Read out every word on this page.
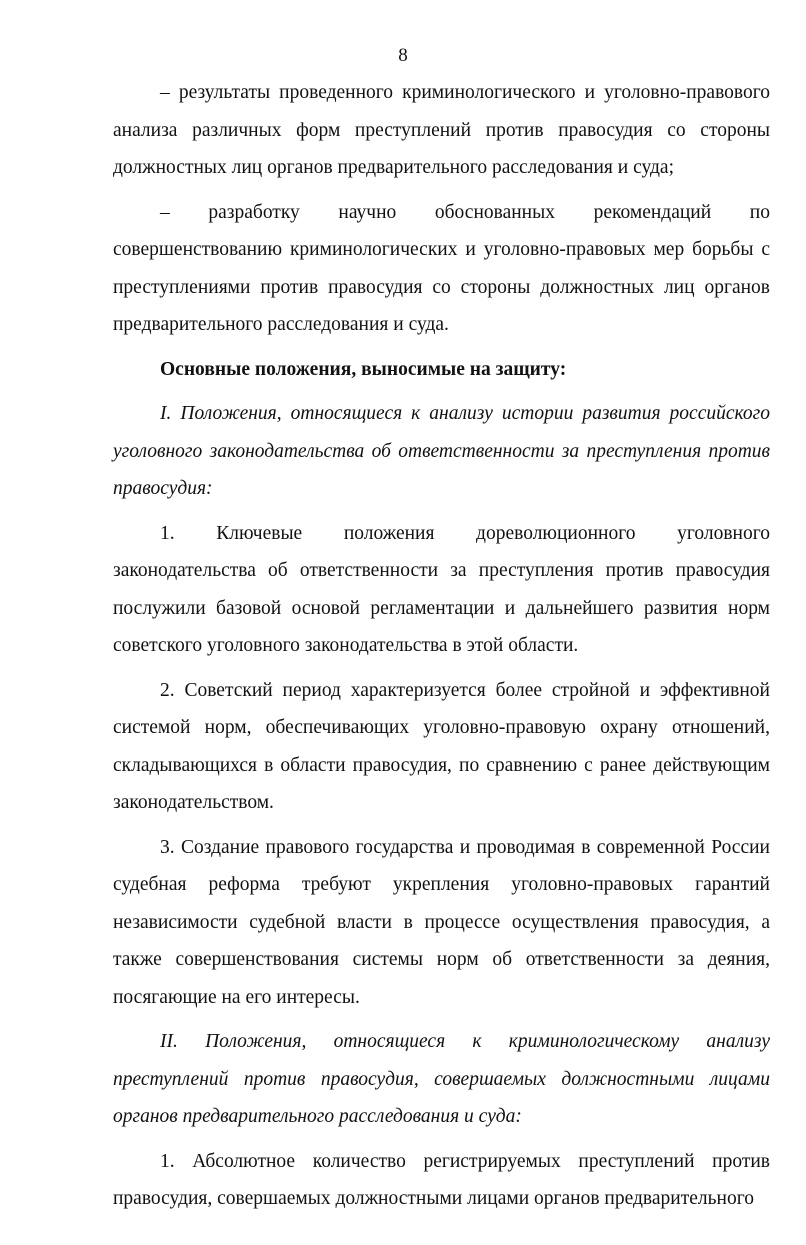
8

– результаты проведенного криминологического и уголовно-правового анализа различных форм преступлений против правосудия со стороны должностных лиц органов предварительного расследования и суда;

– разработку научно обоснованных рекомендаций по совершенствованию криминологических и уголовно-правовых мер борьбы с преступлениями против правосудия со стороны должностных лиц органов предварительного расследования и суда.

Основные положения, выносимые на защиту:

I. Положения, относящиеся к анализу истории развития российского уголовного законодательства об ответственности за преступления против правосудия:

1. Ключевые положения дореволюционного уголовного законодательства об ответственности за преступления против правосудия послужили базовой основой регламентации и дальнейшего развития норм советского уголовного законодательства в этой области.

2. Советский период характеризуется более стройной и эффективной системой норм, обеспечивающих уголовно-правовую охрану отношений, складывающихся в области правосудия, по сравнению с ранее действующим законодательством.

3. Создание правового государства и проводимая в современной России судебная реформа требуют укрепления уголовно-правовых гарантий независимости судебной власти в процессе осуществления правосудия, а также совершенствования системы норм об ответственности за деяния, посягающие на его интересы.

II. Положения, относящиеся к криминологическому анализу преступлений против правосудия, совершаемых должностными лицами органов предварительного расследования и суда:

1. Абсолютное количество регистрируемых преступлений против правосудия, совершаемых должностными лицами органов предварительного
